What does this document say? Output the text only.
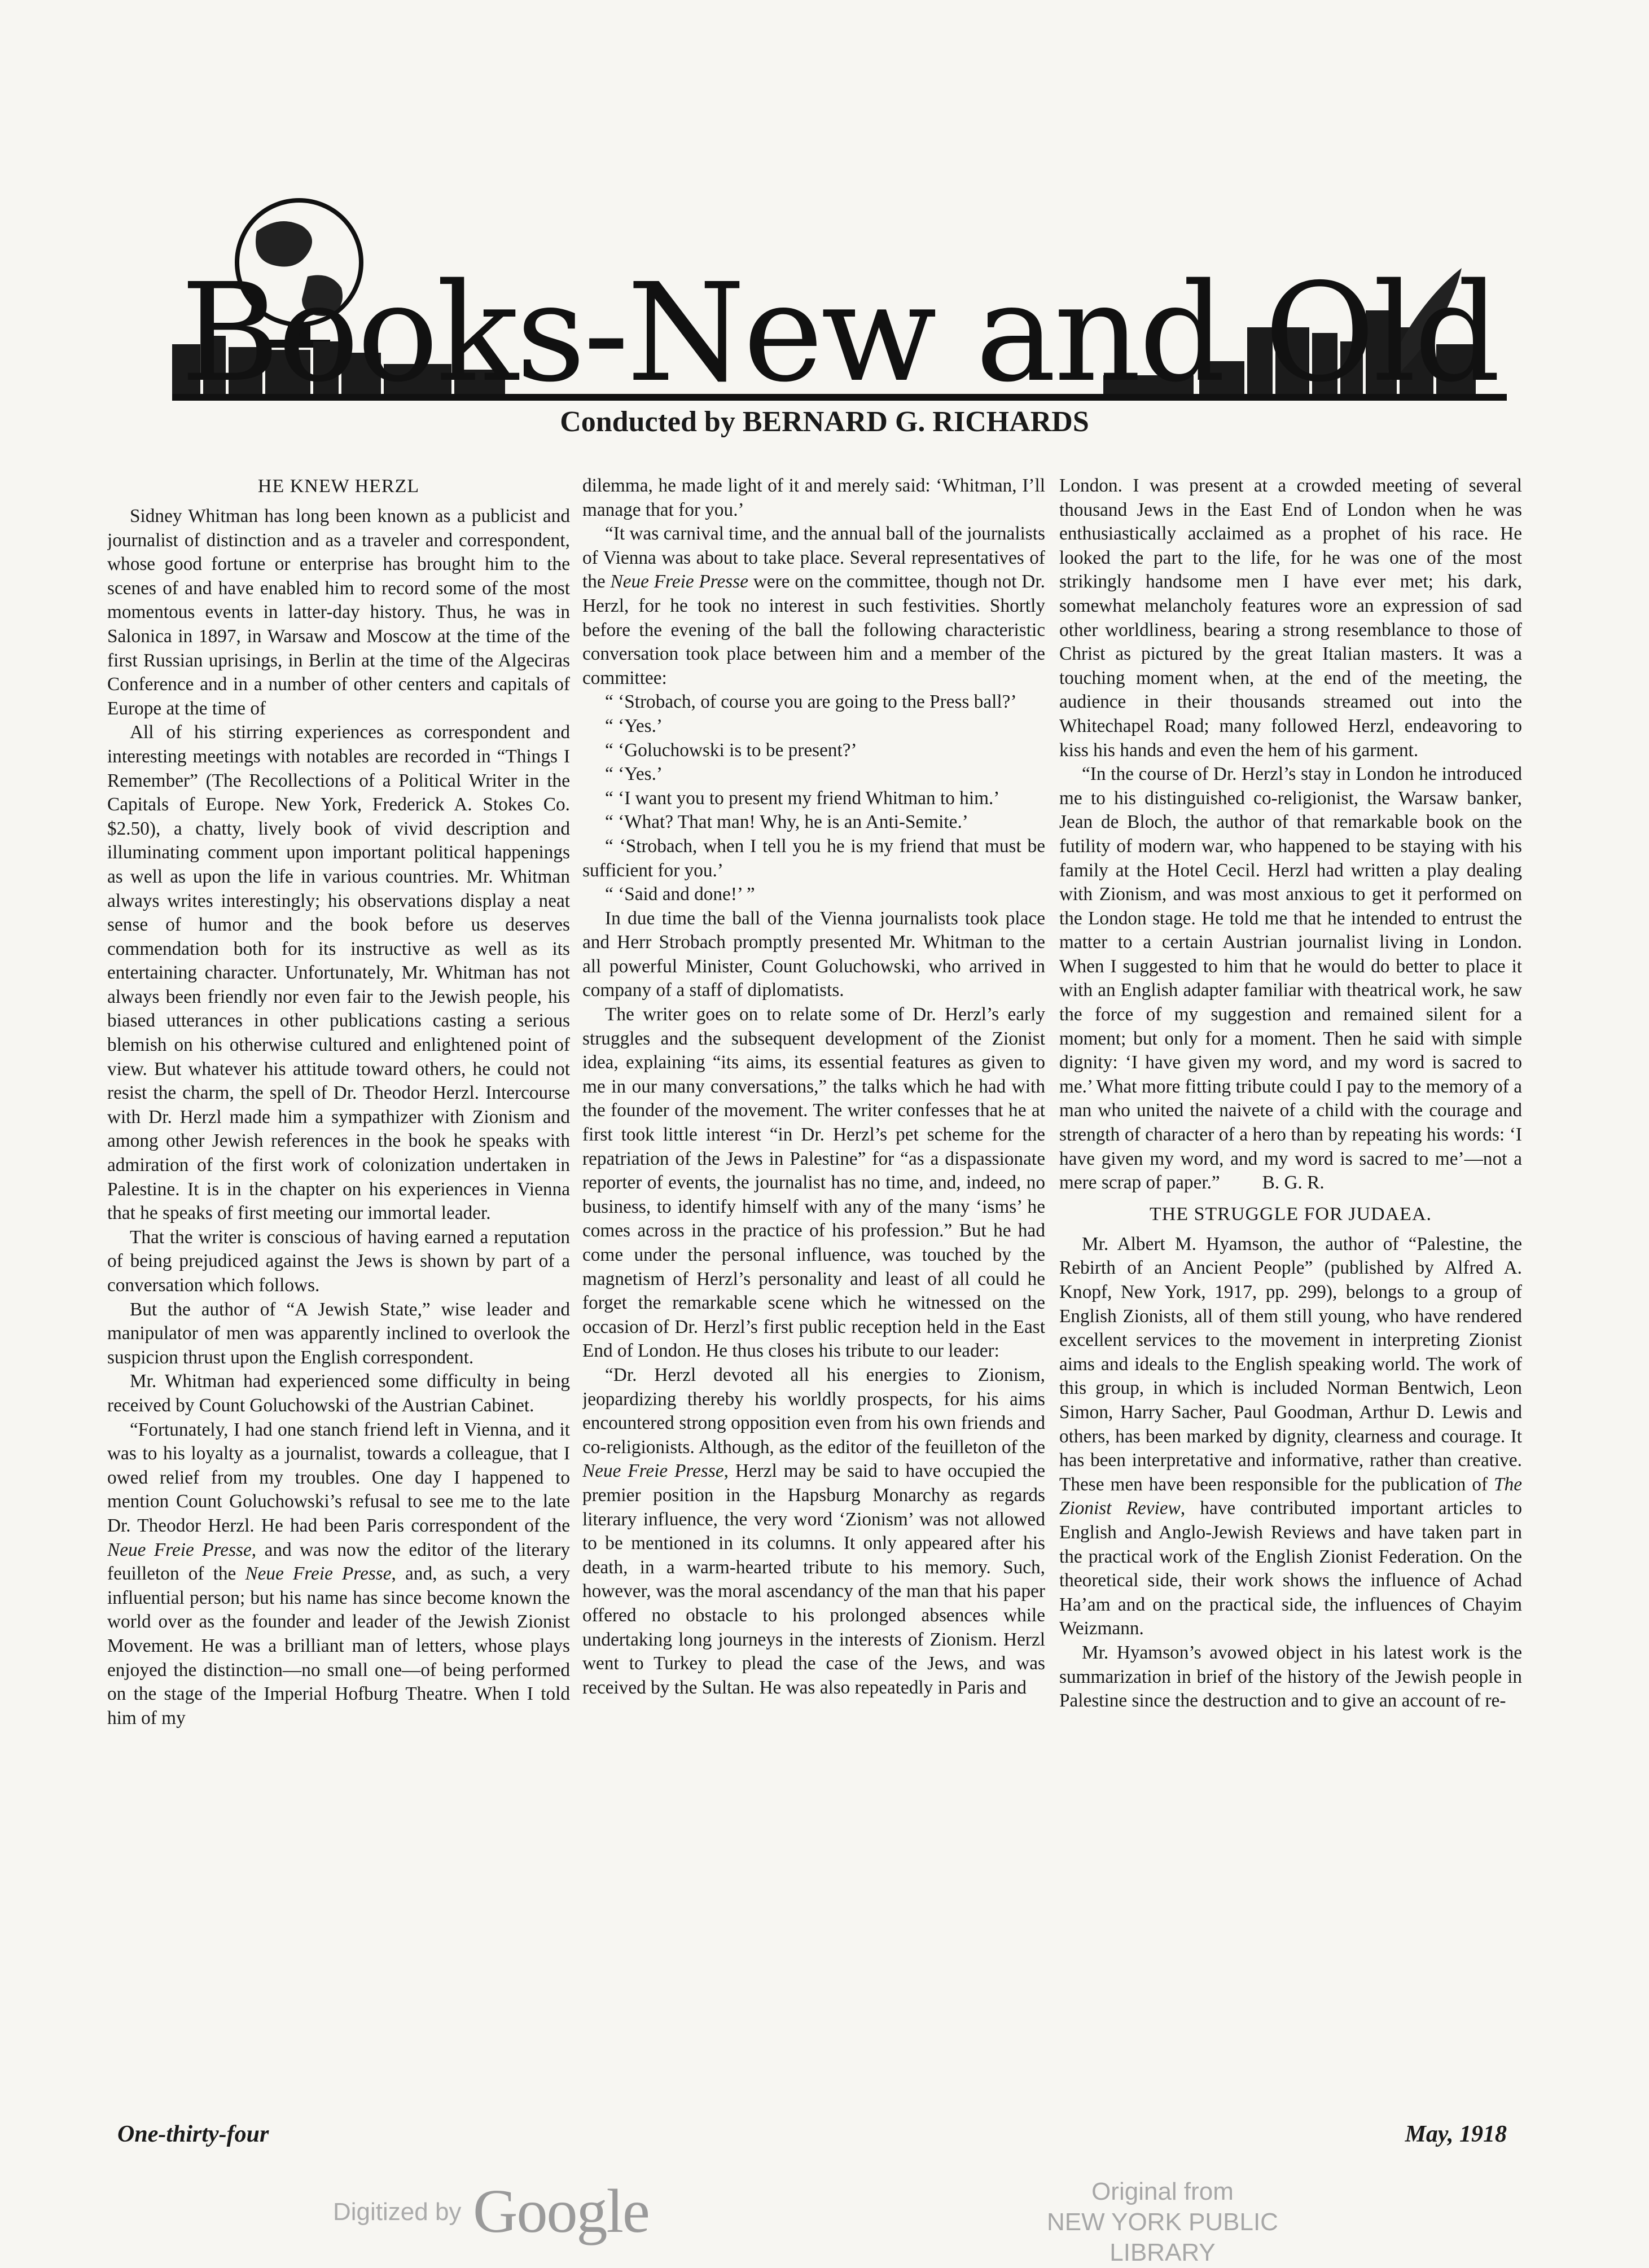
Books-New and Old
Conducted by BERNARD G. RICHARDS
HE KNEW HERZL

Sidney Whitman has long been known as a publicist and journalist of distinction and as a traveler and correspondent, whose good fortune or enterprise has brought him to the scenes of and have enabled him to record some of the most momentous events in latter-day history. Thus, he was in Salonica in 1897, in Warsaw and Moscow at the time of the first Russian uprisings, in Berlin at the time of the Algeciras Conference and in a number of other centers and capitals of Europe at the time of

All of his stirring experiences as correspondent and interesting meetings with notables are recorded in “Things I Remember” (The Recollections of a Political Writer in the Capitals of Europe. New York, Frederick A. Stokes Co. $2.50), a chatty, lively book of vivid description and illuminating comment upon important political happenings as well as upon the life in various countries. Mr. Whitman always writes interestingly; his observations display a neat sense of humor and the book before us deserves commendation both for its instructive as well as its entertaining character. Unfortunately, Mr. Whitman has not always been friendly nor even fair to the Jewish people, his biased utterances in other publications casting a serious blemish on his otherwise cultured and enlightened point of view. But whatever his attitude toward others, he could not resist the charm, the spell of Dr. Theodor Herzl. Intercourse with Dr. Herzl made him a sympathizer with Zionism and among other Jewish references in the book he speaks with admiration of the first work of colonization undertaken in Palestine. It is in the chapter on his experiences in Vienna that he speaks of first meeting our immortal leader.

That the writer is conscious of having earned a reputation of being prejudiced against the Jews is shown by part of a conversation which follows.

But the author of “A Jewish State,” wise leader and manipulator of men was apparently inclined to overlook the suspicion thrust upon the English correspondent.

Mr. Whitman had experienced some difficulty in being received by Count Goluchowski of the Austrian Cabinet.

“Fortunately, I had one stanch friend left in Vienna, and it was to his loyalty as a journalist, towards a colleague, that I owed relief from my troubles. One day I happened to mention Count Goluchowski’s refusal to see me to the late Dr. Theodor Herzl. He had been Paris correspondent of the Neue Freie Presse, and was now the editor of the literary feuilleton of the Neue Freie Presse, and, as such, a very influential person; but his name has since become known the world over as the founder and leader of the Jewish Zionist Movement. He was a brilliant man of letters, whose plays enjoyed the distinction—no small one—of being performed on the stage of the Imperial Hofburg Theatre. When I told him of my

dilemma, he made light of it and merely said: ‘Whitman, I’ll manage that for you.’

“It was carnival time, and the annual ball of the journalists of Vienna was about to take place. Several representatives of the Neue Freie Presse were on the committee, though not Dr. Herzl, for he took no interest in such festivities. Shortly before the evening of the ball the following characteristic conversation took place between him and a member of the committee:

“ ‘Strobach, of course you are going to the Press ball?’

“ ‘Yes.’

“ ‘Goluchowski is to be present?’

“ ‘Yes.’

“ ‘I want you to present my friend Whitman to him.’

“ ‘What? That man! Why, he is an Anti-Semite.’

“ ‘Strobach, when I tell you he is my friend that must be sufficient for you.’

“ ‘Said and done!’ ”

In due time the ball of the Vienna journalists took place and Herr Strobach promptly presented Mr. Whitman to the all powerful Minister, Count Goluchowski, who arrived in company of a staff of diplomatists.

The writer goes on to relate some of Dr. Herzl’s early struggles and the subsequent development of the Zionist idea, explaining “its aims, its essential features as given to me in our many conversations,” the talks which he had with the founder of the movement. The writer confesses that he at first took little interest “in Dr. Herzl’s pet scheme for the repatriation of the Jews in Palestine” for “as a dispassionate reporter of events, the journalist has no time, and, indeed, no business, to identify himself with any of the many ‘isms’ he comes across in the practice of his profession.” But he had come under the personal influence, was touched by the magnetism of Herzl’s personality and least of all could he forget the remarkable scene which he witnessed on the occasion of Dr. Herzl’s first public reception held in the East End of London. He thus closes his tribute to our leader:

“Dr. Herzl devoted all his energies to Zionism, jeopardizing thereby his worldly prospects, for his aims encountered strong opposition even from his own friends and co-religionists. Although, as the editor of the feuilleton of the Neue Freie Presse, Herzl may be said to have occupied the premier position in the Hapsburg Monarchy as regards literary influence, the very word ‘Zionism’ was not allowed to be mentioned in its columns. It only appeared after his death, in a warm-hearted tribute to his memory. Such, however, was the moral ascendancy of the man that his paper offered no obstacle to his prolonged absences while undertaking long journeys in the interests of Zionism. Herzl went to Turkey to plead the case of the Jews, and was received by the Sultan. He was also repeatedly in Paris and

London. I was present at a crowded meeting of several thousand Jews in the East End of London when he was enthusiastically acclaimed as a prophet of his race. He looked the part to the life, for he was one of the most strikingly handsome men I have ever met; his dark, somewhat melancholy features wore an expression of sad other worldliness, bearing a strong resemblance to those of Christ as pictured by the great Italian masters. It was a touching moment when, at the end of the meeting, the audience in their thousands streamed out into the Whitechapel Road; many followed Herzl, endeavoring to kiss his hands and even the hem of his garment.

“In the course of Dr. Herzl’s stay in London he introduced me to his distinguished co-religionist, the Warsaw banker, Jean de Bloch, the author of that remarkable book on the futility of modern war, who happened to be staying with his family at the Hotel Cecil. Herzl had written a play dealing with Zionism, and was most anxious to get it performed on the London stage. He told me that he intended to entrust the matter to a certain Austrian journalist living in London. When I suggested to him that he would do better to place it with an English adapter familiar with theatrical work, he saw the force of my suggestion and remained silent for a moment; but only for a moment. Then he said with simple dignity: ‘I have given my word, and my word is sacred to me.’ What more fitting tribute could I pay to the memory of a man who united the naivete of a child with the courage and strength of character of a hero than by repeating his words: ‘I have given my word, and my word is sacred to me’—not a mere scrap of paper.”         B. G. R.

THE STRUGGLE FOR JUDAEA.

Mr. Albert M. Hyamson, the author of “Palestine, the Rebirth of an Ancient People” (published by Alfred A. Knopf, New York, 1917, pp. 299), belongs to a group of English Zionists, all of them still young, who have rendered excellent services to the movement in interpreting Zionist aims and ideals to the English speaking world. The work of this group, in which is included Norman Bentwich, Leon Simon, Harry Sacher, Paul Goodman, Arthur D. Lewis and others, has been marked by dignity, clearness and courage. It has been interpretative and informative, rather than creative. These men have been responsible for the publication of The Zionist Review, have contributed important articles to English and Anglo-Jewish Reviews and have taken part in the practical work of the English Zionist Federation. On the theoretical side, their work shows the influence of Achad Ha’am and on the practical side, the influences of Chayim Weizmann.

Mr. Hyamson’s avowed object in his latest work is the summarization in brief of the history of the Jewish people in Palestine since the destruction and to give an account of re-

One-thirty-four	May, 1918
Digitized by Google	Original from
NEW YORK PUBLIC LIBRARY
